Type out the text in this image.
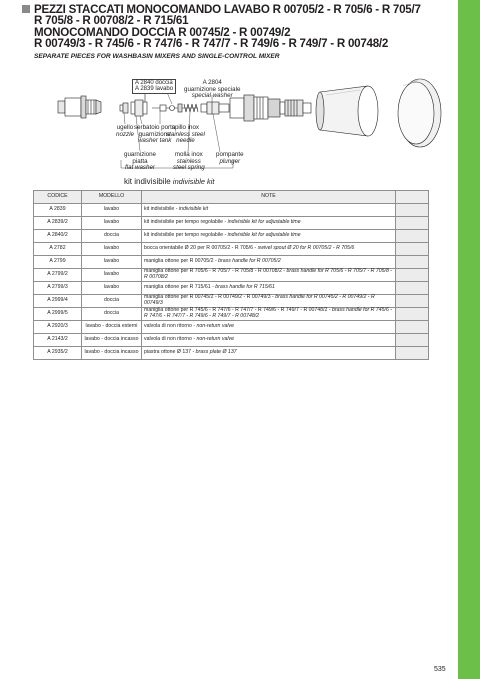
PEZZI STACCATI MONOCOMANDO LAVABO R 00705/2 - R 705/6 - R 705/7
R 705/8 - R 00708/2 - R 715/61
MONOCOMANDO DOCCIA R 00745/2 - R 00749/2
R 00749/3 - R 745/6 - R 747/6 - R 747/7 - R 749/6 - R 749/7 - R 00748/2
SEPARATE PIECES FOR WASHBASIN MIXERS AND SINGLE-CONTROL MIXER
A 2840 doccia
A 2839 lavabo
A 2804
guarnizione speciale
special washer
ugello
nozzle
serbatoio porta
guarnizione
washer tank
spillo inox
stainless steel
needle
guarnizione
piatta
flat washer
molla inox
stainless
steel spring
pompante
plunger
kit indivisibile indivisible kit
CODICE	MODELLO	NOTE	
A 2839	lavabo	kit indivisibile - indivisible kit	
A 2839/2	lavabo	kit indivisibile per tempo regolabile - indivisible kit for adjustable time	
A 2840/2	doccia	kit indivisibile per tempo regolabile - indivisible kit for adjustable time	
A 2782	lavabo	bocca orientabile Ø 20 per R 00705/2 - R 705/6 - swivel spout Ø 20 for R 00705/2 - R 705/6	
A 2799	lavabo	maniglia ottone per R 00705/2 - brass handle for R 00705/2	
A 2799/2	lavabo	maniglia ottone per R 705/6 - R 705/7 - R 705/8 - R 00708/2 - brass handle for R 705/6 - R 705/7 - R 705/8 - R 00708/2	
A 2799/3	lavabo	maniglia ottone per R 715/61 - brass handle for R 715/61	
A 2999/4	doccia	maniglia ottone per R 00745/2 - R 00749/2 - R 00749/3 - brass handle for R 00745/2 - R 00749/2 - R 00749/3	
A 2999/5	doccia	maniglia ottone per R 745/6 - R 747/6 - R 747/7 - R 749/6 - R 749/7 - R 00748/2 - brass handle for R 745/6 - R 747/6 - R 747/7 - R 749/6 - R 749/7 - R 00748/2	
A 2920/3	lavabo - doccia esterni	valvola di non ritorno - non-return valve	
A 2143/2	lavabo - doccia incasso	valvola di non ritorno - non-return valve	
A 2935/2	lavabo - doccia incasso	piastra ottone Ø 137 - brass plate Ø 137	
535
